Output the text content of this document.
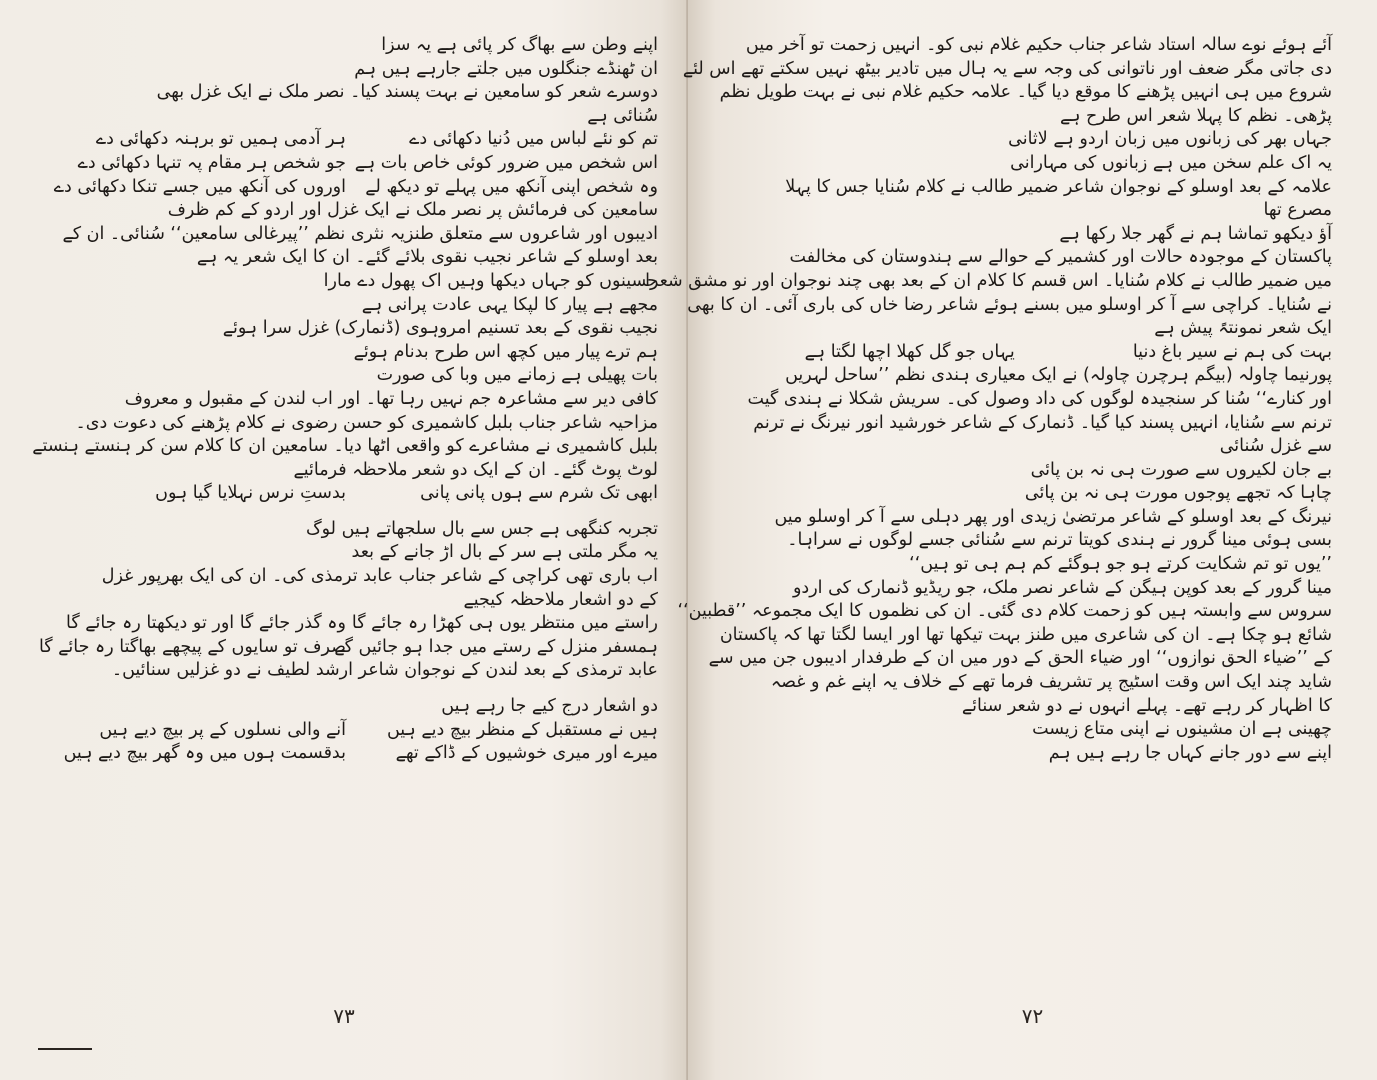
اپنے وطن سے بھاگ کر پائی ہے یہ سزا
ان ٹھنڈے جنگلوں میں جلتے جارہے ہیں ہم
دوسرے شعر کو سامعین نے بہت پسند کیا۔ نصر ملک نے ایک غزل بھی
سُنائی ہے
تم کو نئے لباس میں دُنیا دکھائی دے
ہر آدمی ہمیں تو برہنہ دکھائی دے
اس شخص میں ضرور کوئی خاص بات ہے
جو شخص ہر مقام پہ تنہا دکھائی دے
وہ شخص اپنی آنکھ میں پہلے تو دیکھ لے
اوروں کی آنکھ میں جسے تنکا دکھائی دے
سامعین کی فرمائش پر نصر ملک نے ایک غزل اور اردو کے کم ظرف
ادیبوں اور شاعروں سے متعلق طنزیہ نثری نظم ’’پیرغالی سامعین‘‘ سُنائی۔ ان کے
بعد اوسلو کے شاعر نجیب نقوی بلائے گئے۔ ان کا ایک شعر یہ ہے
حسینوں کو جہاں دیکھا وہیں اک پھول دے مارا
مجھے ہے پیار کا لپکا یہی عادت پرانی ہے
نجیب نقوی کے بعد تسنیم امروہوی (ڈنمارک) غزل سرا ہوئے
ہم ترے پیار میں کچھ اس طرح بدنام ہوئے
بات پھیلی ہے زمانے میں وبا کی صورت
کافی دیر سے مشاعرہ جم نہیں رہا تھا۔ اور اب لندن کے مقبول و معروف
مزاحیہ شاعر جناب بلبل کاشمیری کو حسن رضوی نے کلام پڑھنے کی دعوت دی۔
بلبل کاشمیری نے مشاعرے کو واقعی اٹھا دیا۔ سامعین ان کا کلام سن کر ہنستے ہنستے
لوٹ پوٹ گئے۔ ان کے ایک دو شعر ملاحظہ فرمائیے
ابھی تک شرم سے ہوں پانی پانی
بدستِ نرس نہلایا گیا ہوں
تجربہ کنگھی ہے جس سے بال سلجھاتے ہیں لوگ
یہ مگر ملتی ہے سر کے بال اڑ جانے کے بعد
اب باری تھی کراچی کے شاعر جناب عابد ترمذی کی۔ ان کی ایک بھرپور غزل
کے دو اشعار ملاحظہ کیجیے
راستے میں منتظر یوں ہی کھڑا رہ جائے گا
وہ گذر جائے گا اور تو دیکھتا رہ جائے گا
ہمسفر منزل کے رستے میں جدا ہو جائیں گے
صرف تو سایوں کے پیچھے بھاگتا رہ جائے گا
عابد ترمذی کے بعد لندن کے نوجوان شاعر ارشد لطیف نے دو غزلیں سنائیں۔
دو اشعار درج کیے جا رہے ہیں
ہیں نے مستقبل کے منظر بیچ دیے ہیں
آنے والی نسلوں کے پر بیچ دیے ہیں
میرے اور میری خوشیوں کے ڈاکے تھے
بدقسمت ہوں میں وہ گھر بیچ دیے ہیں
۷۳
آئے ہوئے نوے سالہ استاد شاعر جناب حکیم غلام نبی کو۔ انہیں زحمت تو آخر میں
دی جاتی مگر ضعف اور ناتوانی کی وجہ سے یہ ہال میں تادیر بیٹھ نہیں سکتے تھے اس لئے
شروع میں ہی انہیں پڑھنے کا موقع دیا گیا۔ علامہ حکیم غلام نبی نے بہت طویل نظم
پڑھی۔ نظم کا پہلا شعر اس طرح ہے
جہاں بھر کی زبانوں میں زبان اردو ہے لاثانی
یہ اک علم سخن میں ہے زبانوں کی مہارانی
علامہ کے بعد اوسلو کے نوجوان شاعر ضمیر طالب نے کلام سُنایا جس کا پہلا
مصرع تھا
آؤ دیکھو تماشا ہم نے گھر جلا رکھا ہے
پاکستان کے موجودہ حالات اور کشمیر کے حوالے سے ہندوستان کی مخالفت
میں ضمیر طالب نے کلام سُنایا۔ اس قسم کا کلام ان کے بعد بھی چند نوجوان اور نو مشق شعرا
نے سُنایا۔ کراچی سے آ کر اوسلو میں بسنے ہوئے شاعر رضا خاں کی باری آئی۔ ان کا بھی
ایک شعر نمونتہً پیش ہے
بہت کی ہم نے سیر باغ دنیا
یہاں جو گل کھلا اچھا لگتا ہے
پورنیما چاولہ (بیگم ہرچرن چاولہ) نے ایک معیاری ہندی نظم ’’ساحل لہریں
اور کنارے‘‘ سُنا کر سنجیدہ لوگوں کی داد وصول کی۔ سریش شکلا نے ہندی گیت
ترنم سے سُنایا، انہیں پسند کیا گیا۔ ڈنمارک کے شاعر خورشید انور نیرنگ نے ترنم
سے غزل سُنائی
بے جان لکیروں سے صورت ہی نہ بن پائی
چاہا کہ تجھے پوجوں مورت ہی نہ بن پائی
نیرنگ کے بعد اوسلو کے شاعر مرتضیٰ زیدی اور پھر دہلی سے آ کر اوسلو میں
بسی ہوئی مینا گرور نے ہندی کویتا ترنم سے سُنائی جسے لوگوں نے سراہا۔
’’یوں تو تم شکایت کرتے ہو جو ہوگئے کم ہم ہی تو ہیں‘‘
مینا گرور کے بعد کوپن ہیگن کے شاعر نصر ملک، جو ریڈیو ڈنمارک کی اردو
سروس سے وابستہ ہیں کو زحمت کلام دی گئی۔ ان کی نظموں کا ایک مجموعہ ’’قطبین‘‘
شائع ہو چکا ہے۔ ان کی شاعری میں طنز بہت تیکھا تھا اور ایسا لگتا تھا کہ پاکستان
کے ’’ضیاء الحق نوازوں‘‘ اور ضیاء الحق کے دور میں ان کے طرفدار ادیبوں جن میں سے
شاید چند ایک اس وقت اسٹیج پر تشریف فرما تھے کے خلاف یہ اپنے غم و غصہ
کا اظہار کر رہے تھے۔ پہلے انہوں نے دو شعر سنائے
چھینی ہے ان مشینوں نے اپنی متاع زیست
اپنے سے دور جانے کہاں جا رہے ہیں ہم
۷۲
